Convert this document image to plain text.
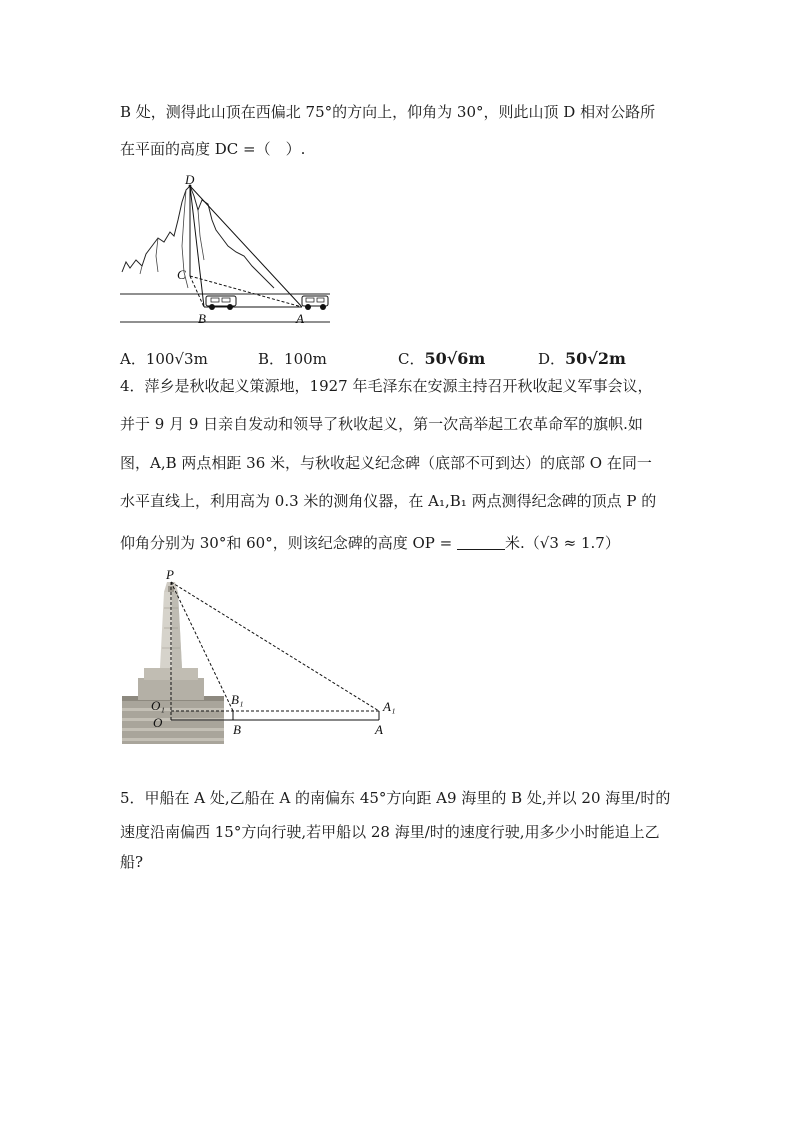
B 处，测得此山顶在西偏北 75°的方向上，仰角为 30°，则此山顶 D 相对公路所
在平面的高度 DC =（　）.
D
C
B	A
A．100√3m	B．100m	C．50√6m	D．50√2m
4．萍乡是秋收起义策源地，1927 年毛泽东在安源主持召开秋收起义军事会议，
并于 9 月 9 日亲自发动和领导了秋收起义，第一次高举起工农革命军的旗帜.如
图，A,B 两点相距 36 米，与秋收起义纪念碑（底部不可到达）的底部 O 在同一
水平直线上，利用高为 0.3 米的测角仪器，在 A₁,B₁ 两点测得纪念碑的顶点 P 的
仰角分别为 30°和 60°，则该纪念碑的高度 OP =	米.（√3 ≈ 1.7）
P
O₁
O
B₁
B
A₁
A
5．甲船在 A 处,乙船在 A 的南偏东 45°方向距 A9 海里的 B 处,并以 20 海里/时的
速度沿南偏西 15°方向行驶,若甲船以 28 海里/时的速度行驶,用多少小时能追上乙
船?
